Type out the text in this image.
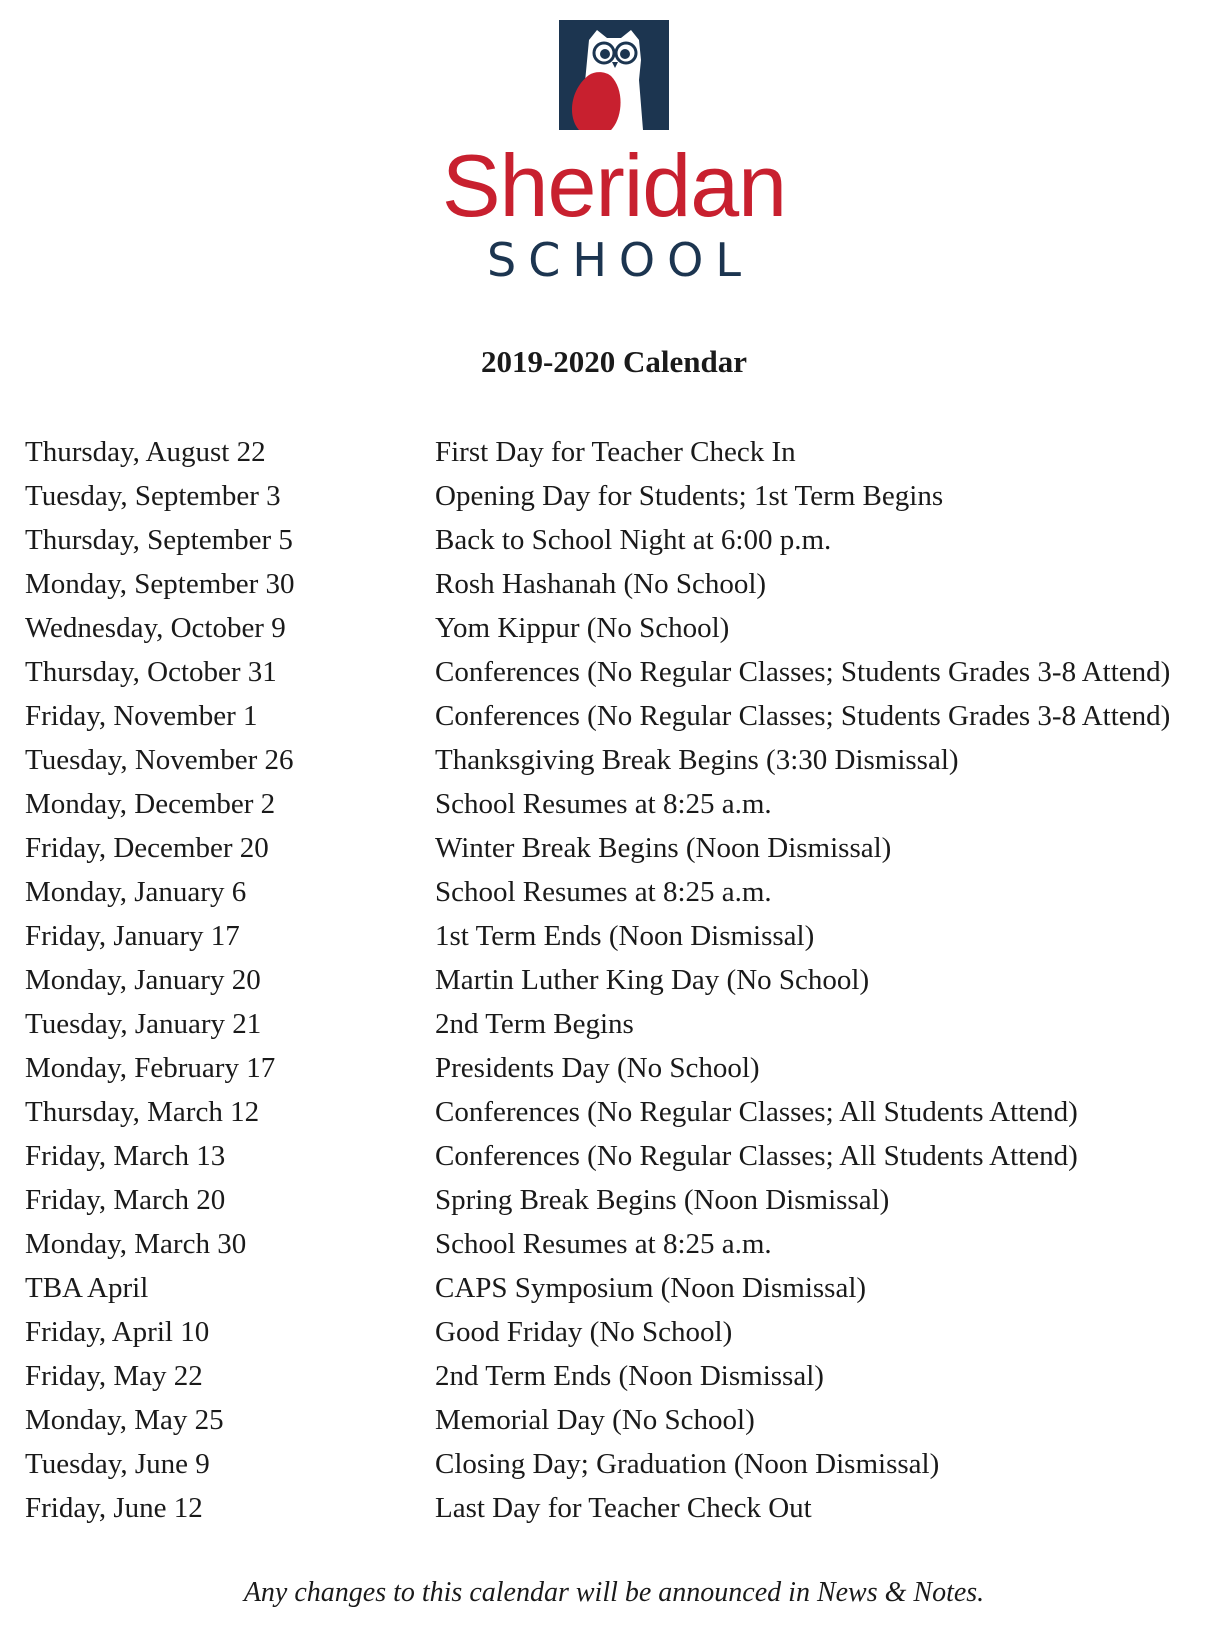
Sheridan
SCHOOL
2019-2020 Calendar
Thursday, August 22	First Day for Teacher Check In
Tuesday, September 3	Opening Day for Students; 1st Term Begins
Thursday, September 5	Back to School Night at 6:00 p.m.
Monday, September 30	Rosh Hashanah (No School)
Wednesday, October 9	Yom Kippur (No School)
Thursday, October 31	Conferences (No Regular Classes; Students Grades 3-8 Attend)
Friday, November 1	Conferences (No Regular Classes; Students Grades 3-8 Attend)
Tuesday, November 26	Thanksgiving Break Begins (3:30 Dismissal)
Monday, December 2	School Resumes at 8:25 a.m.
Friday, December 20	Winter Break Begins (Noon Dismissal)
Monday, January 6	School Resumes at 8:25 a.m.
Friday, January 17	1st Term Ends (Noon Dismissal)
Monday, January 20	Martin Luther King Day (No School)
Tuesday, January 21	2nd Term Begins
Monday, February 17	Presidents Day (No School)
Thursday, March 12	Conferences (No Regular Classes; All Students Attend)
Friday, March 13	Conferences (No Regular Classes; All Students Attend)
Friday, March 20	Spring Break Begins (Noon Dismissal)
Monday, March 30	School Resumes at 8:25 a.m.
TBA April	CAPS Symposium (Noon Dismissal)
Friday, April 10	Good Friday (No School)
Friday, May 22	2nd Term Ends (Noon Dismissal)
Monday, May 25	Memorial Day (No School)
Tuesday, June 9	Closing Day; Graduation (Noon Dismissal)
Friday, June 12	Last Day for Teacher Check Out
Any changes to this calendar will be announced in News & Notes.
